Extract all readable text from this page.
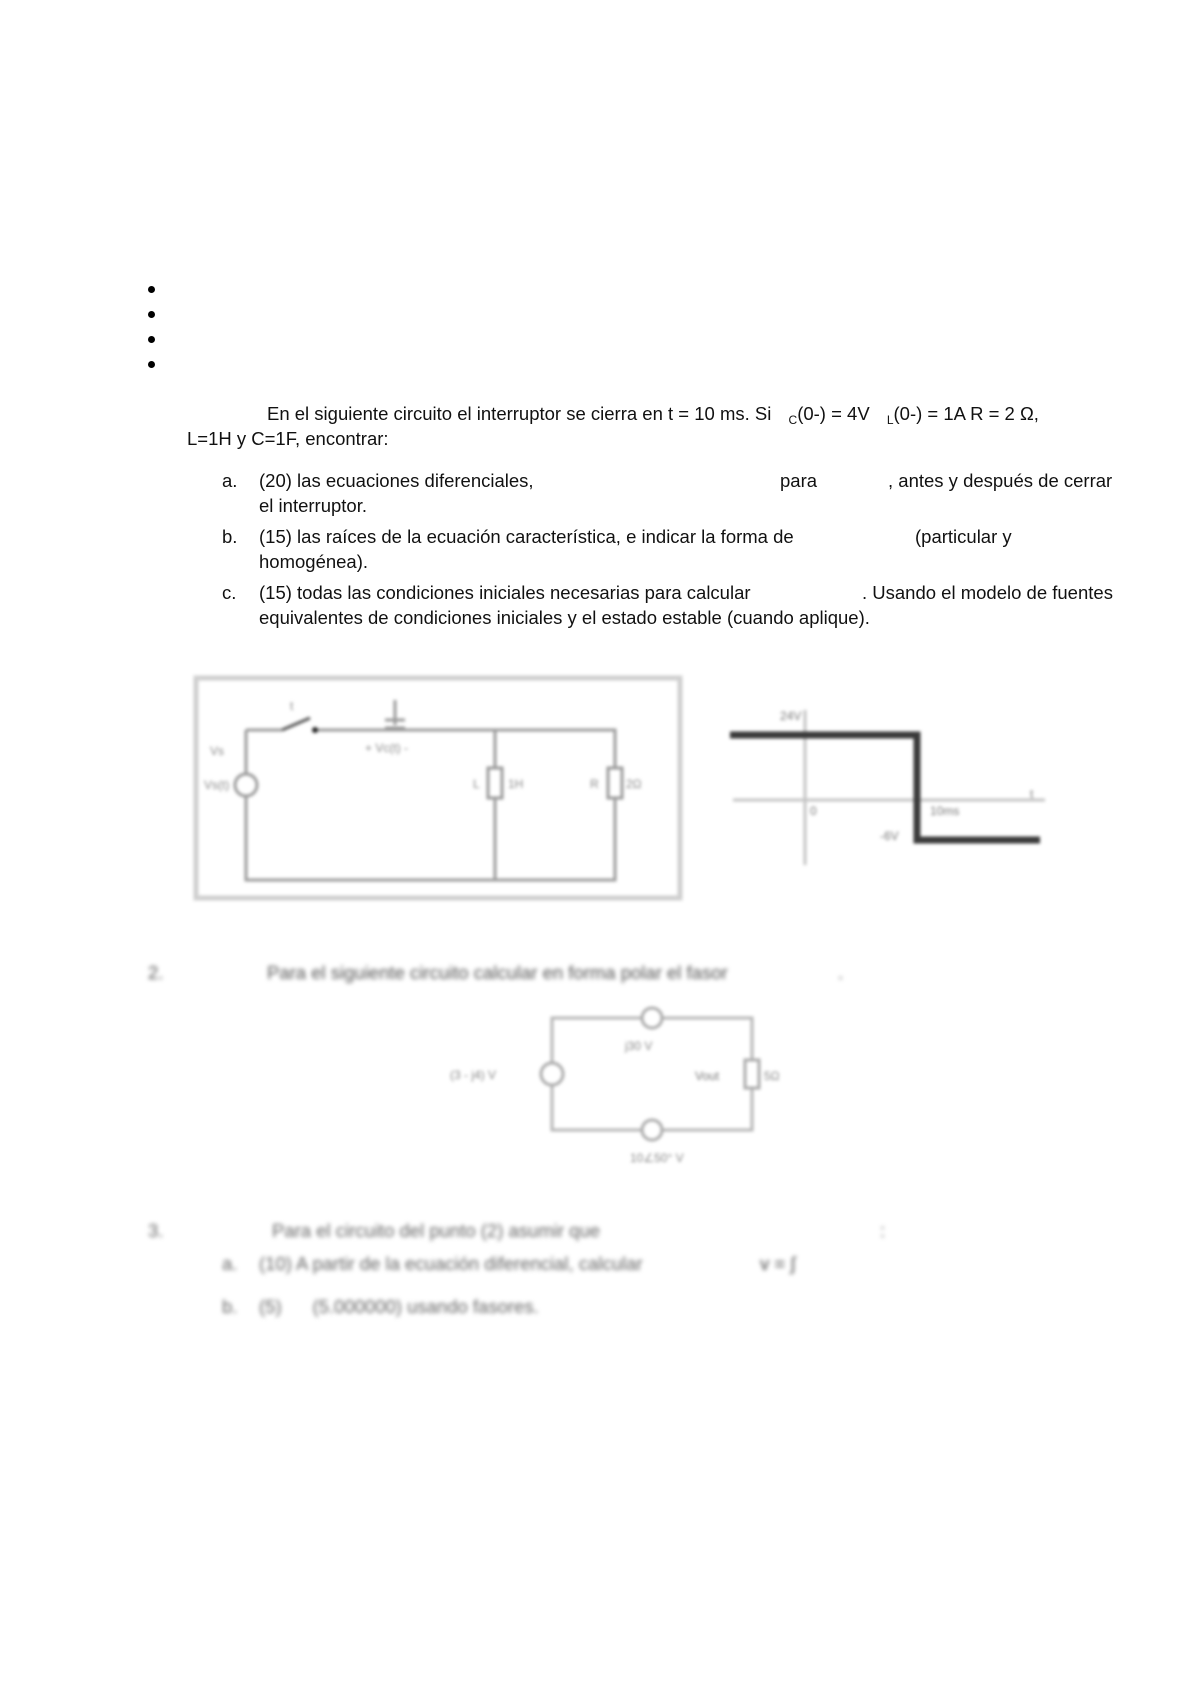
En el siguiente circuito el interruptor se cierra en t = 10 ms. Si $_C$(0-) = 4V $_L$(0-) = 1A R = 2 Ω,
L=1H y C=1F, encontrar:
a. (20) las ecuaciones diferenciales,	para	, antes y después de cerrar
el interruptor.
b. (15) las raíces de la ecuación característica, e indicar la forma de	(particular y
homogénea).
c. (15) todas las condiciones iniciales necesarias para calcular	. Usando el modelo de fuentes
equivalentes de condiciones iniciales y el estado estable (cuando aplique).
t
+ Vc(t) -
Vs
Vs(t)	L 1H	R 2Ω
24V
-6V
0	10ms
t
2.	Para el siguiente circuito calcular en forma polar el fasor	.
j30 V
(3 - j4) V	Vout	5Ω
10∠50° V
3.	Para el circuito del punto (2) asumir que	:
a. (10) A partir de la ecuación diferencial, calcular	v = ∫
b. (5)      (5.000000) usando fasores.
